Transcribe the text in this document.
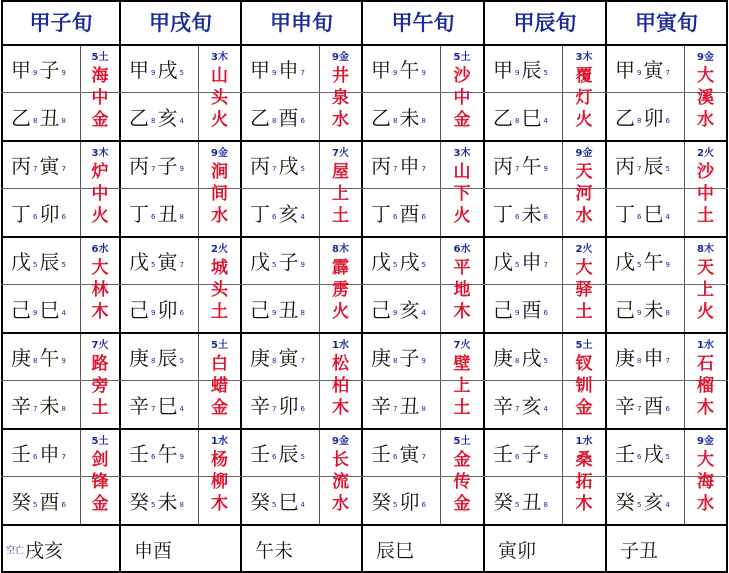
甲子旬
甲 9 子 9
乙 8 丑 8
丙 7 寅 7
丁 6 卯 6
戊 5 辰 5
己 9 巳 4
庚 8 午 9
辛 7 未 8
壬 6 申 7
癸 5 酉 6
5土
海
中
金
3木
炉
中
火
6水
大
林
木
7火
路
旁
土
5土
剑
锋
金
空亡 戌亥
甲戌旬
甲 9 戌 5
乙 8 亥 4
丙 7 子 9
丁 6 丑 8
戊 5 寅 7
己 9 卯 6
庚 8 辰 5
辛 7 巳 4
壬 6 午 9
癸 5 未 8
3木
山
头
火
9金
涧
间
水
2火
城
头
土
5土
白
蜡
金
1水
杨
柳
木
申酉
甲申旬
甲 9 申 7
乙 8 酉 6
丙 7 戌 5
丁 6 亥 4
戊 5 子 9
己 9 丑 8
庚 8 寅 7
辛 7 卯 6
壬 6 辰 5
癸 5 巳 4
9金
井
泉
水
7火
屋
上
土
8木
霹
雳
火
1水
松
柏
木
9金
长
流
水
午未
甲午旬
甲 9 午 9
乙 8 未 8
丙 7 申 7
丁 6 酉 6
戊 5 戌 5
己 9 亥 4
庚 8 子 9
辛 7 丑 8
壬 6 寅 7
癸 5 卯 6
5土
沙
中
金
3木
山
下
火
6水
平
地
木
7火
壁
上
土
5土
金
传
金
辰巳
甲辰旬
甲 9 辰 5
乙 8 巳 4
丙 7 午 9
丁 6 未 8
戊 5 申 7
己 9 酉 6
庚 8 戌 5
辛 7 亥 4
壬 6 子 9
癸 5 丑 8
3木
覆
灯
火
9金
天
河
水
2火
大
驿
土
5土
钗
钏
金
1水
桑
拓
木
寅卯
甲寅旬
甲 9 寅 7
乙 8 卯 6
丙 7 辰 5
丁 6 巳 4
戊 5 午 9
己 9 未 8
庚 8 申 7
辛 7 酉 6
壬 6 戌 5
癸 5 亥 4
9金
大
溪
水
2火
沙
中
土
8木
天
上
火
1水
石
榴
木
9金
大
海
水
子丑
